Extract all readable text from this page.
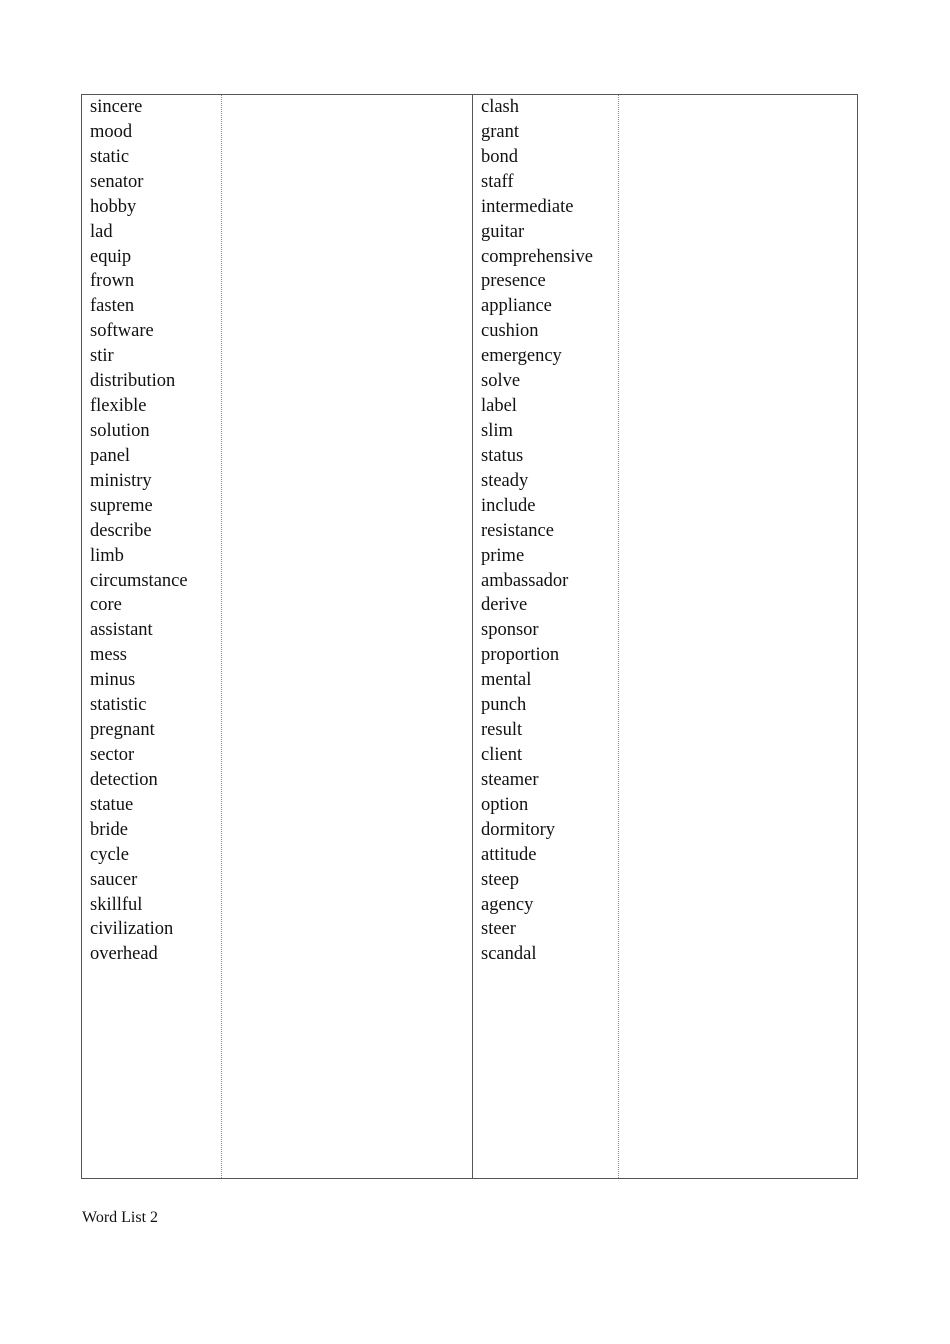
sincere
mood
static
senator
hobby
lad
equip
frown
fasten
software
stir
distribution
flexible
solution
panel
ministry
supreme
describe
limb
circumstance
core
assistant
mess
minus
statistic
pregnant
sector
detection
statue
bride
cycle
saucer
skillful
civilization
overhead
clash
grant
bond
staff
intermediate
guitar
comprehensive
presence
appliance
cushion
emergency
solve
label
slim
status
steady
include
resistance
prime
ambassador
derive
sponsor
proportion
mental
punch
result
client
steamer
option
dormitory
attitude
steep
agency
steer
scandal
Word List 2
